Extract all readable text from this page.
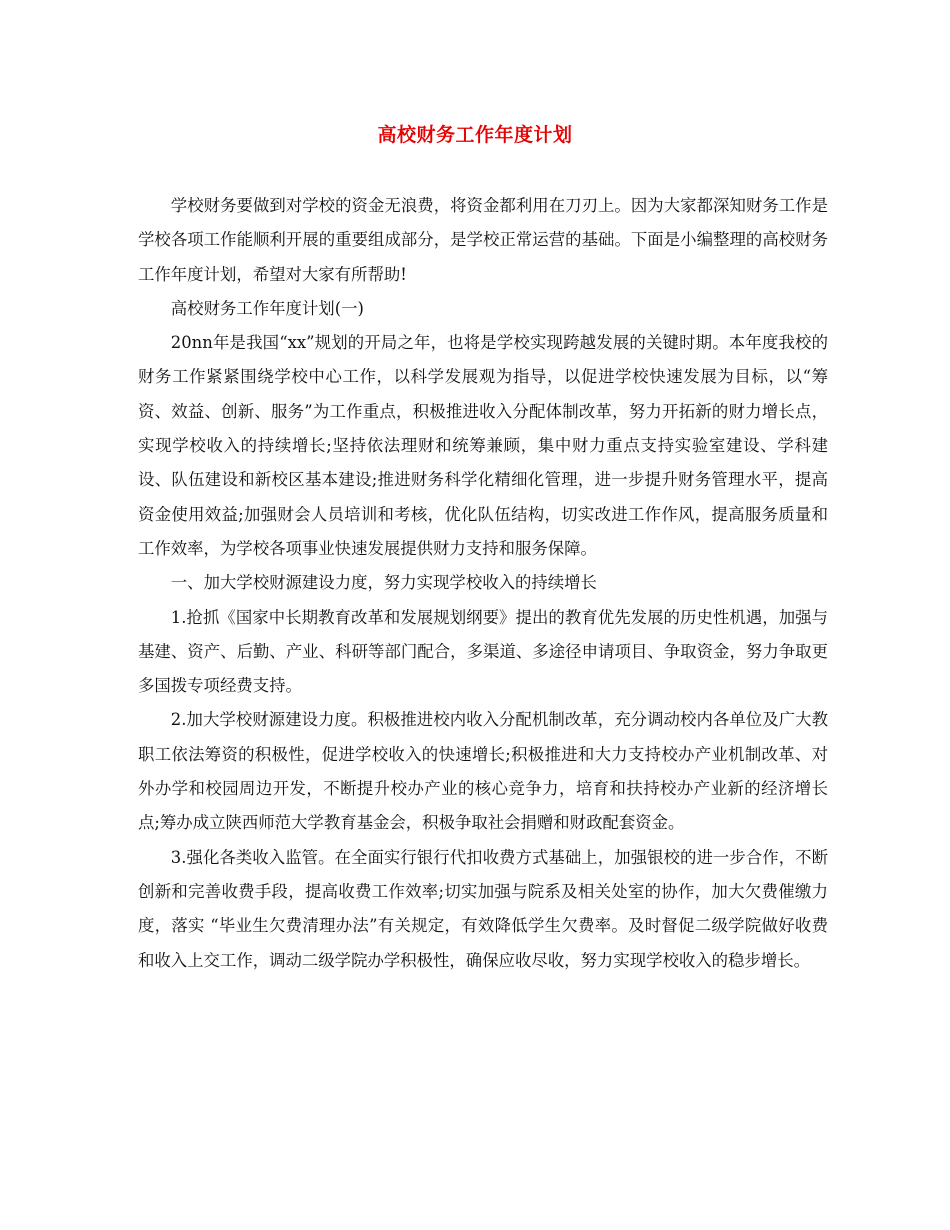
高校财务工作年度计划

学校财务要做到对学校的资金无浪费，将资金都利用在刀刃上。因为大家都深知财务工作是学校各项工作能顺利开展的重要组成部分，是学校正常运营的基础。下面是小编整理的高校财务工作年度计划，希望对大家有所帮助!

高校财务工作年度计划(一)

20nn年是我国“xx”规划的开局之年，也将是学校实现跨越发展的关键时期。本年度我校的财务工作紧紧围绕学校中心工作，以科学发展观为指导，以促进学校快速发展为目标，以“筹资、效益、创新、服务”为工作重点，积极推进收入分配体制改革，努力开拓新的财力增长点，实现学校收入的持续增长;坚持依法理财和统筹兼顾，集中财力重点支持实验室建设、学科建设、队伍建设和新校区基本建设;推进财务科学化精细化管理，进一步提升财务管理水平，提高资金使用效益;加强财会人员培训和考核，优化队伍结构，切实改进工作作风，提高服务质量和工作效率，为学校各项事业快速发展提供财力支持和服务保障。

一、加大学校财源建设力度，努力实现学校收入的持续增长

1.抢抓《国家中长期教育改革和发展规划纲要》提出的教育优先发展的历史性机遇，加强与基建、资产、后勤、产业、科研等部门配合，多渠道、多途径申请项目、争取资金，努力争取更多国拨专项经费支持。

2.加大学校财源建设力度。积极推进校内收入分配机制改革，充分调动校内各单位及广大教职工依法筹资的积极性，促进学校收入的快速增长;积极推进和大力支持校办产业机制改革、对外办学和校园周边开发，不断提升校办产业的核心竞争力，培育和扶持校办产业新的经济增长点;筹办成立陕西师范大学教育基金会，积极争取社会捐赠和财政配套资金。

3.强化各类收入监管。在全面实行银行代扣收费方式基础上，加强银校的进一步合作，不断创新和完善收费手段，提高收费工作效率;切实加强与院系及相关处室的协作，加大欠费催缴力度，落实 “毕业生欠费清理办法”有关规定，有效降低学生欠费率。及时督促二级学院做好收费和收入上交工作，调动二级学院办学积极性，确保应收尽收，努力实现学校收入的稳步增长。
